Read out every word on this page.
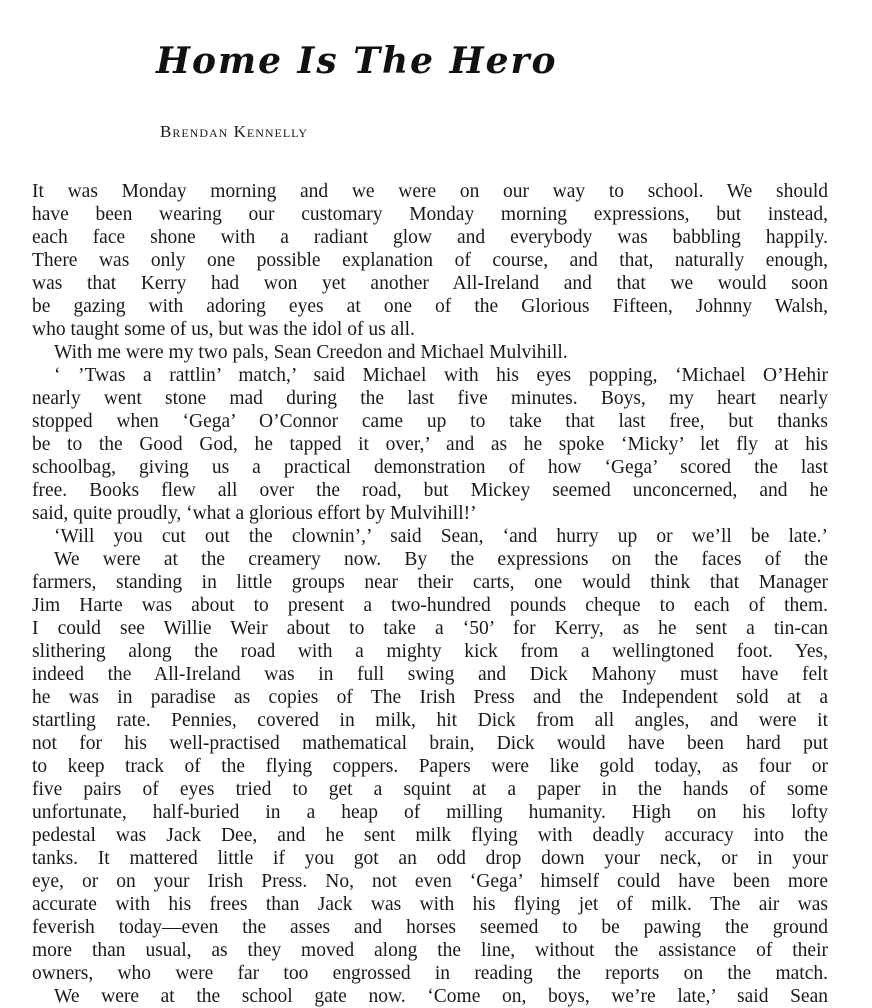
Home Is The Hero
Brendan Kennelly
It was Monday morning and we were on our way to school. We should
have been wearing our customary Monday morning expressions, but instead,
each face shone with a radiant glow and everybody was babbling happily.
There was only one possible explanation of course, and that, naturally enough,
was that Kerry had won yet another All-Ireland and that we would soon
be gazing with adoring eyes at one of the Glorious Fifteen, Johnny Walsh,
who taught some of us, but was the idol of us all.
With me were my two pals, Sean Creedon and Michael Mulvihill.
‘ ’Twas a rattlin’ match,’ said Michael with his eyes popping, ‘Michael O’Hehir
nearly went stone mad during the last five minutes. Boys, my heart nearly
stopped when ‘Gega’ O’Connor came up to take that last free, but thanks
be to the Good God, he tapped it over,’ and as he spoke ‘Micky’ let fly at his
schoolbag, giving us a practical demonstration of how ‘Gega’ scored the last
free. Books flew all over the road, but Mickey seemed unconcerned, and he
said, quite proudly, ‘what a glorious effort by Mulvihill!’
‘Will you cut out the clownin’,’ said Sean, ‘and hurry up or we’ll be late.’
We were at the creamery now. By the expressions on the faces of the
farmers, standing in little groups near their carts, one would think that Manager
Jim Harte was about to present a two-hundred pounds cheque to each of them.
I could see Willie Weir about to take a ‘50’ for Kerry, as he sent a tin-can
slithering along the road with a mighty kick from a wellingtoned foot. Yes,
indeed the All-Ireland was in full swing and Dick Mahony must have felt
he was in paradise as copies of The Irish Press and the Independent sold at a
startling rate. Pennies, covered in milk, hit Dick from all angles, and were it
not for his well-practised mathematical brain, Dick would have been hard put
to keep track of the flying coppers. Papers were like gold today, as four or
five pairs of eyes tried to get a squint at a paper in the hands of some
unfortunate, half-buried in a heap of milling humanity. High on his lofty
pedestal was Jack Dee, and he sent milk flying with deadly accuracy into the
tanks. It mattered little if you got an odd drop down your neck, or in your
eye, or on your Irish Press. No, not even ‘Gega’ himself could have been more
accurate with his frees than Jack was with his flying jet of milk. The air was
feverish today—even the asses and horses seemed to be pawing the ground
more than usual, as they moved along the line, without the assistance of their
owners, who were far too engrossed in reading the reports on the match.
We were at the school gate now. ‘Come on, boys, we’re late,’ said Sean
